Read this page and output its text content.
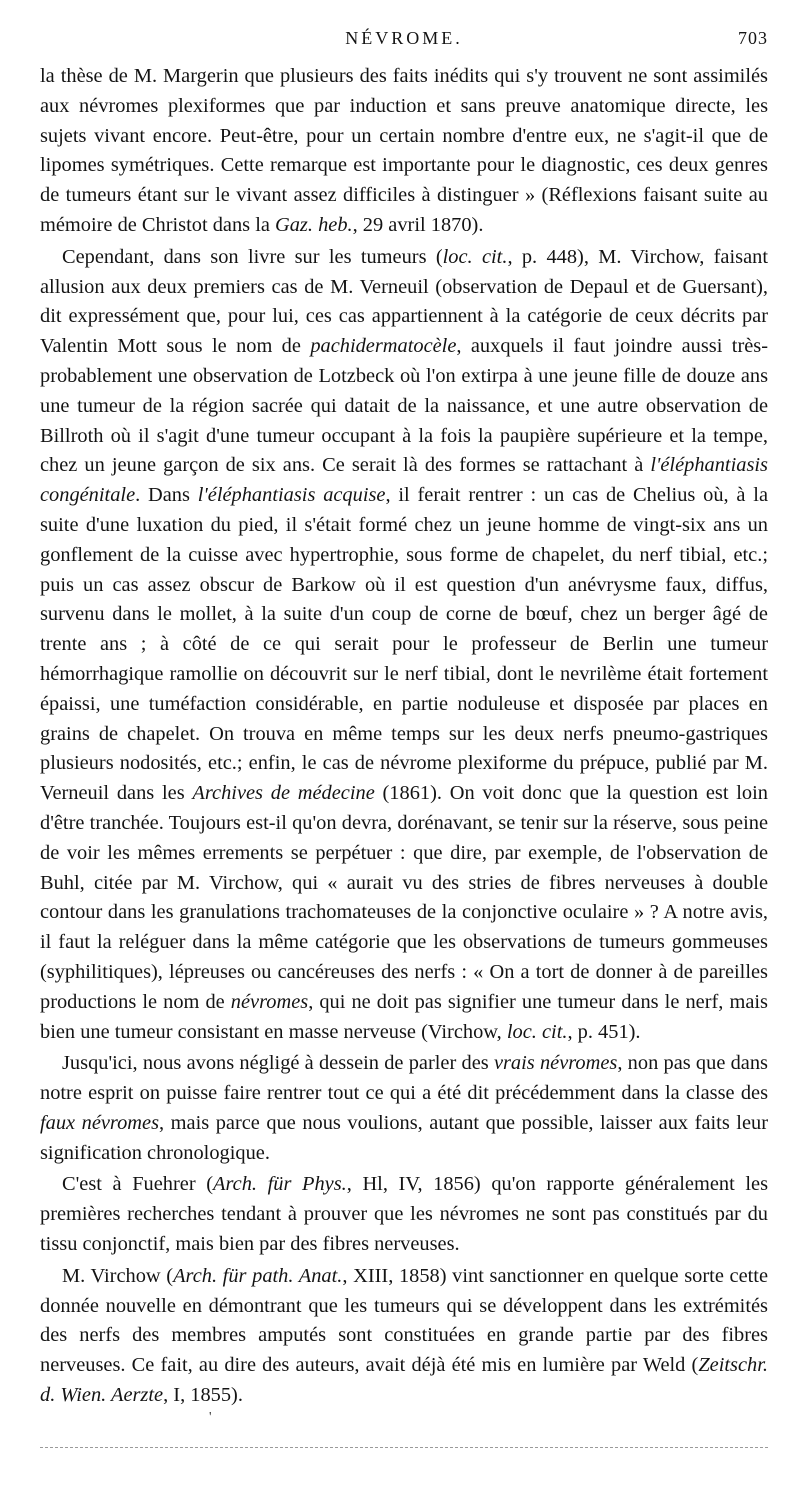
NÉVROME.	703

la thèse de M. Margerin que plusieurs des faits inédits qui s'y trouvent ne sont assimilés aux névromes plexiformes que par induction et sans preuve anatomique directe, les sujets vivant encore. Peut-être, pour un certain nombre d'entre eux, ne s'agit-il que de lipomes symétriques. Cette remarque est importante pour le diagnostic, ces deux genres de tumeurs étant sur le vivant assez difficiles à distinguer » (Réflexions faisant suite au mémoire de Christot dans la Gaz. heb., 29 avril 1870).

Cependant, dans son livre sur les tumeurs (loc. cit., p. 448), M. Virchow, faisant allusion aux deux premiers cas de M. Verneuil (observation de Depaul et de Guersant), dit expressément que, pour lui, ces cas appartiennent à la catégorie de ceux décrits par Valentin Mott sous le nom de pachidermatocèle, auxquels il faut joindre aussi très-probablement une observation de Lotzbeck où l'on extirpa à une jeune fille de douze ans une tumeur de la région sacrée qui datait de la naissance, et une autre observation de Billroth où il s'agit d'une tumeur occupant à la fois la paupière supérieure et la tempe, chez un jeune garçon de six ans. Ce serait là des formes se rattachant à l'éléphantiasis congénitale. Dans l'éléphantiasis acquise, il ferait rentrer : un cas de Chelius où, à la suite d'une luxation du pied, il s'était formé chez un jeune homme de vingt-six ans un gonflement de la cuisse avec hypertrophie, sous forme de chapelet, du nerf tibial, etc.; puis un cas assez obscur de Barkow où il est question d'un anévrysme faux, diffus, survenu dans le mollet, à la suite d'un coup de corne de bœuf, chez un berger âgé de trente ans ; à côté de ce qui serait pour le professeur de Berlin une tumeur hémorrhagique ramollie on découvrit sur le nerf tibial, dont le nevrilème était fortement épaissi, une tuméfaction considérable, en partie noduleuse et disposée par places en grains de chapelet. On trouva en même temps sur les deux nerfs pneumo-gastriques plusieurs nodosités, etc.; enfin, le cas de névrome plexiforme du prépuce, publié par M. Verneuil dans les Archives de médecine (1861). On voit donc que la question est loin d'être tranchée. Toujours est-il qu'on devra, dorénavant, se tenir sur la réserve, sous peine de voir les mêmes errements se perpétuer : que dire, par exemple, de l'observation de Buhl, citée par M. Virchow, qui « aurait vu des stries de fibres nerveuses à double contour dans les granulations trachomateuses de la conjonctive oculaire » ? A notre avis, il faut la reléguer dans la même catégorie que les observations de tumeurs gommeuses (syphilitiques), lépreuses ou cancéreuses des nerfs : « On a tort de donner à de pareilles productions le nom de névromes, qui ne doit pas signifier une tumeur dans le nerf, mais bien une tumeur consistant en masse nerveuse (Virchow, loc. cit., p. 451).

Jusqu'ici, nous avons négligé à dessein de parler des vrais névromes, non pas que dans notre esprit on puisse faire rentrer tout ce qui a été dit précédemment dans la classe des faux névromes, mais parce que nous voulions, autant que possible, laisser aux faits leur signification chronologique.

C'est à Fuehrer (Arch. für Phys., Hl, IV, 1856) qu'on rapporte généralement les premières recherches tendant à prouver que les névromes ne sont pas constitués par du tissu conjonctif, mais bien par des fibres nerveuses.

M. Virchow (Arch. für path. Anat., XIII, 1858) vint sanctionner en quelque sorte cette donnée nouvelle en démontrant que les tumeurs qui se développent dans les extrémités des nerfs des membres amputés sont constituées en grande partie par des fibres nerveuses. Ce fait, au dire des auteurs, avait déjà été mis en lumière par Weld (Zeitschr. d. Wien. Aerzte, I, 1855).

'
